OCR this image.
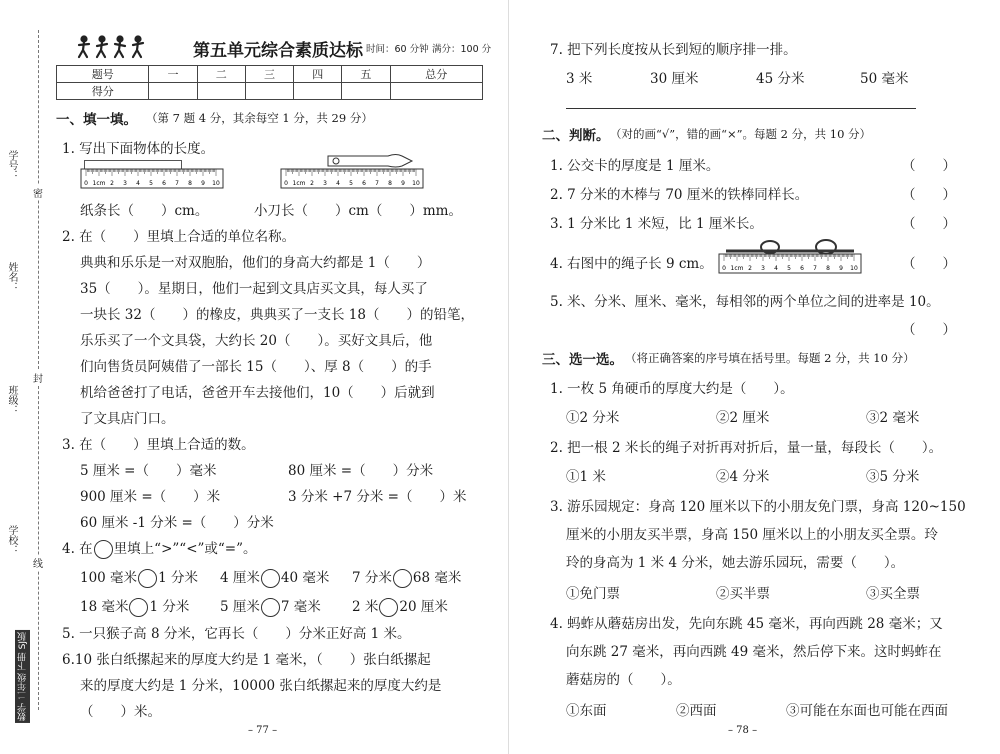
学号：
姓名：
班级：
学校：
密
封
线
数学 二年级 下册 SJ版
第五单元综合素质达标 时间：60 分钟 满分：100 分
题号	一	二	三	四	五	总分
得分						
一、填一填。 （第 7 题 4 分，其余每空 1 分，共 29 分）
1. 写出下面物体的长度。
0 1cm 2 3 4 5 6 7 8 9 10	0 1cm 2 3 4 5 6 7 8 9 10
纸条长（　　）cm。	小刀长（　　）cm（　　）mm。
2. 在（　　）里填上合适的单位名称。
典典和乐乐是一对双胞胎，他们的身高大约都是 1（　　）
35（　　）。星期日，他们一起到文具店买文具，每人买了
一块长 32（　　）的橡皮，典典买了一支长 18（　　）的铅笔，
乐乐买了一个文具袋，大约长 20（　　）。买好文具后，他
们向售货员阿姨借了一部长 15（　　）、厚 8（　　）的手
机给爸爸打了电话，爸爸开车去接他们，10（　　）后就到
了文具店门口。
3. 在（　　）里填上合适的数。
5 厘米 =（　　）毫米	80 厘米 =（　　）分米
900 厘米 =（　　）米	3 分米 +7 分米 =（　　）米
60 厘米 -1 分米 =（　　）分米
4. 在 里填上“>”“<”或“=”。
100 毫米 1 分米 4 厘米 40 毫米 7 分米 68 毫米
18 毫米 1 分米 5 厘米 7 毫米 2 米 20 厘米
5. 一只猴子高 8 分米，它再长（　　）分米正好高 1 米。
6.10 张白纸摞起来的厚度大约是 1 毫米，（　　）张白纸摞起
来的厚度大约是 1 分米，10000 张白纸摞起来的厚度大约是
（　　）米。
– 77 –
7. 把下列长度按从长到短的顺序排一排。
3 米	30 厘米	45 分米	50 毫米
二、判断。 （对的画“√”，错的画“×”。每题 2 分，共 10 分）
1. 公交卡的厚度是 1 厘米。	（　　）
2. 7 分米的木棒与 70 厘米的铁棒同样长。	（　　）
3. 1 分米比 1 米短，比 1 厘米长。	（　　）
4. 右图中的绳子长 9 cm。 0 1cm 2 3 4 5 6 7 8 9 10	（　　）
5. 米、分米、厘米、毫米，每相邻的两个单位之间的进率是 10。
（　　）
三、选一选。 （将正确答案的序号填在括号里。每题 2 分，共 10 分）
1. 一枚 5 角硬币的厚度大约是（　　）。
①2 分米	②2 厘米	③2 毫米
2. 把一根 2 米长的绳子对折再对折后，量一量，每段长（　　）。
①1 米	②4 分米	③5 分米
3. 游乐园规定：身高 120 厘米以下的小朋友免门票，身高 120~150
厘米的小朋友买半票，身高 150 厘米以上的小朋友买全票。玲
玲的身高为 1 米 4 分米，她去游乐园玩，需要（　　）。
①免门票	②买半票	③买全票
4. 蚂蚱从蘑菇房出发，先向东跳 45 毫米，再向西跳 28 毫米；又
向东跳 27 毫米，再向西跳 49 毫米，然后停下来。这时蚂蚱在
蘑菇房的（　　）。
①东面	②西面	③可能在东面也可能在西面
– 78 –
